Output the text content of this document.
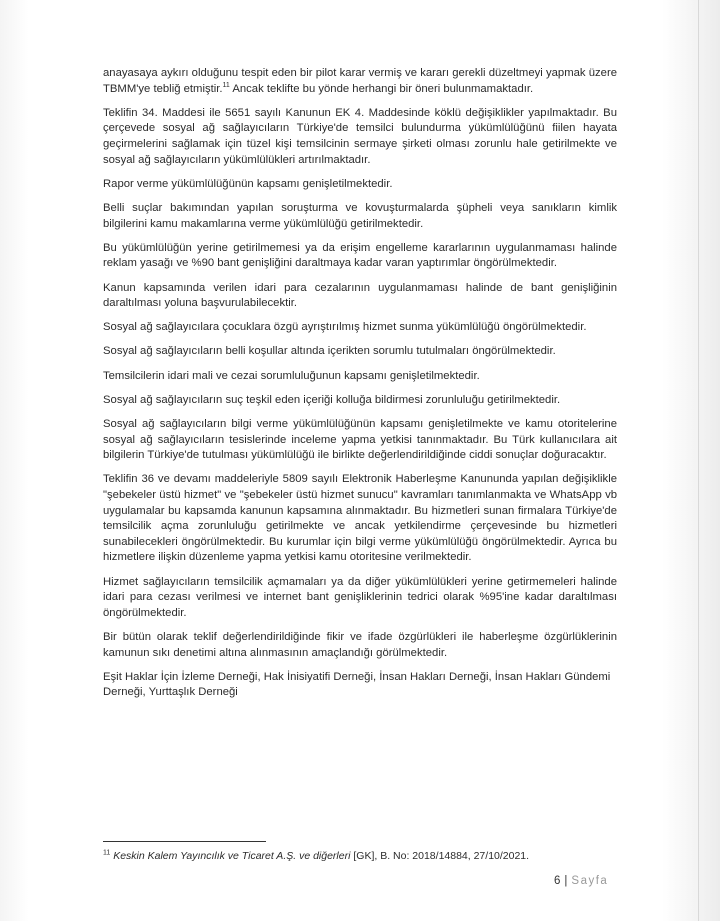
anayasaya aykırı olduğunu tespit eden bir pilot karar vermiş ve kararı gerekli düzeltmeyi yapmak üzere TBMM'ye tebliğ etmiştir.$^{11}$ Ancak teklifte bu yönde herhangi bir öneri bulunmamaktadır.

Teklifin 34. Maddesi ile 5651 sayılı Kanunun EK 4. Maddesinde köklü değişiklikler yapılmaktadır. Bu çerçevede sosyal ağ sağlayıcıların Türkiye'de temsilci bulundurma yükümlülüğünü fiilen hayata geçirmelerini sağlamak için tüzel kişi temsilcinin sermaye şirketi olması zorunlu hale getirilmekte ve sosyal ağ sağlayıcıların yükümlülükleri artırılmaktadır.

Rapor verme yükümlülüğünün kapsamı genişletilmektedir.

Belli suçlar bakımından yapılan soruşturma ve kovuşturmalarda şüpheli veya sanıkların kimlik bilgilerini kamu makamlarına verme yükümlülüğü getirilmektedir.

Bu yükümlülüğün yerine getirilmemesi ya da erişim engelleme kararlarının uygulanmaması halinde reklam yasağı ve %90 bant genişliğini daraltmaya kadar varan yaptırımlar öngörülmektedir.

Kanun kapsamında verilen idari para cezalarının uygulanmaması halinde de bant genişliğinin daraltılması yoluna başvurulabilecektir.

Sosyal ağ sağlayıcılara çocuklara özgü ayrıştırılmış hizmet sunma yükümlülüğü öngörülmektedir.

Sosyal ağ sağlayıcıların belli koşullar altında içerikten sorumlu tutulmaları öngörülmektedir.

Temsilcilerin idari mali ve cezai sorumluluğunun kapsamı genişletilmektedir.

Sosyal ağ sağlayıcıların suç teşkil eden içeriği kolluğa bildirmesi zorunluluğu getirilmektedir.

Sosyal ağ sağlayıcıların bilgi verme yükümlülüğünün kapsamı genişletilmekte ve kamu otoritelerine sosyal ağ sağlayıcıların tesislerinde inceleme yapma yetkisi tanınmaktadır. Bu Türk kullanıcılara ait bilgilerin Türkiye'de tutulması yükümlülüğü ile birlikte değerlendirildiğinde ciddi sonuçlar doğuracaktır.

Teklifin 36 ve devamı maddeleriyle 5809 sayılı Elektronik Haberleşme Kanununda yapılan değişiklikle "şebekeler üstü hizmet" ve "şebekeler üstü hizmet sunucu" kavramları tanımlanmakta ve WhatsApp vb uygulamalar bu kapsamda kanunun kapsamına alınmaktadır. Bu hizmetleri sunan firmalara Türkiye'de temsilcilik açma zorunluluğu getirilmekte ve ancak yetkilendirme çerçevesinde bu hizmetleri sunabilecekleri öngörülmektedir. Bu kurumlar için bilgi verme yükümlülüğü öngörülmektedir. Ayrıca bu hizmetlere ilişkin düzenleme yapma yetkisi kamu otoritesine verilmektedir.

Hizmet sağlayıcıların temsilcilik açmamaları ya da diğer yükümlülükleri yerine getirmemeleri halinde idari para cezası verilmesi ve internet bant genişliklerinin tedrici olarak %95'ine kadar daraltılması öngörülmektedir.

Bir bütün olarak teklif değerlendirildiğinde fikir ve ifade özgürlükleri ile haberleşme özgürlüklerinin kamunun sıkı denetimi altına alınmasının amaçlandığı görülmektedir.

Eşit Haklar İçin İzleme Derneği, Hak İnisiyatifi Derneği, İnsan Hakları Derneği, İnsan Hakları Gündemi Derneği, Yurttaşlık Derneği

$^{11}$ Keskin Kalem Yayıncılık ve Ticaret A.Ş. ve diğerleri [GK], B. No: 2018/14884, 27/10/2021.
6 | Sayfa
